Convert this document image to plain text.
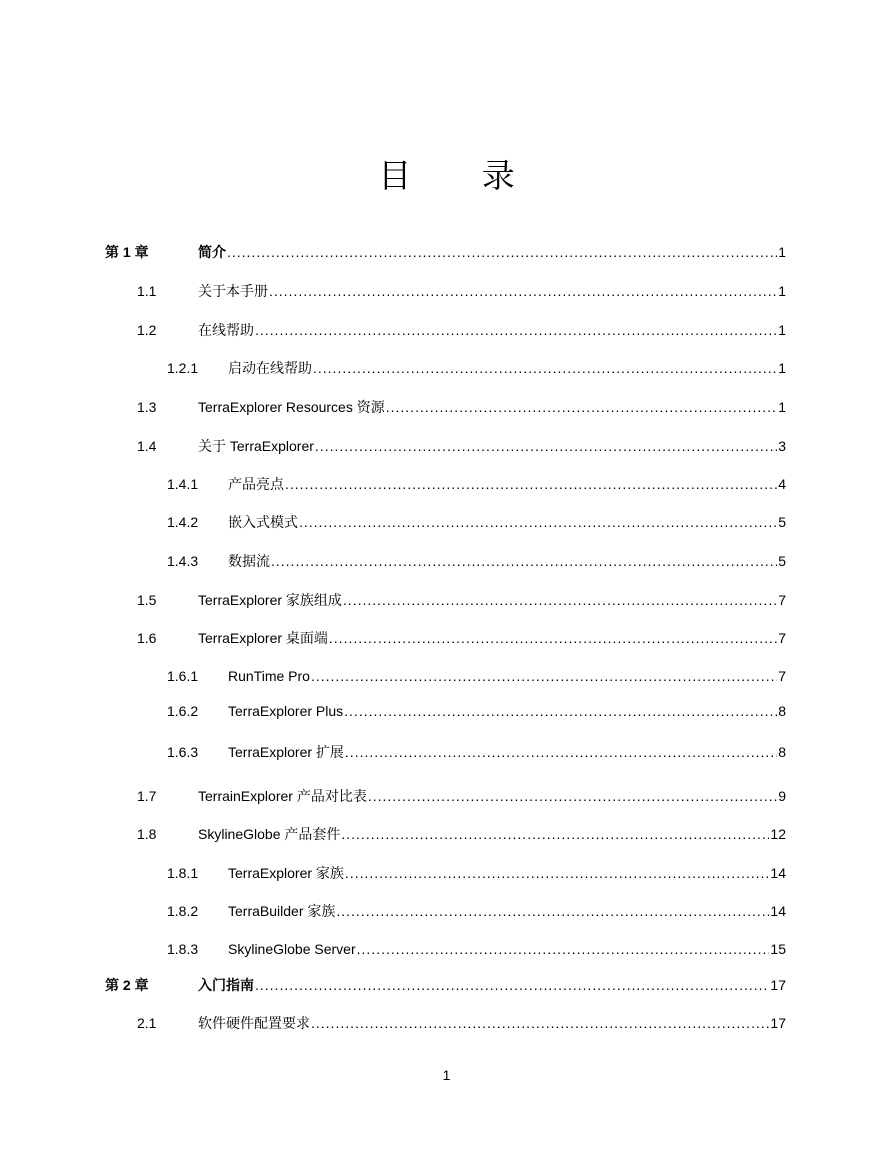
目 录
第 1 章	简介 .....	1
1.1	关于本手册 .....	1
1.2	在线帮助 .....	1
1.2.1 启动在线帮助 .....	1
1.3	TerraExplorer Resources 资源 .....	1
1.4	关于 TerraExplorer .....	3
1.4.1 产品亮点 .....	4
1.4.2 嵌入式模式 .....	5
1.4.3 数据流 .....	5
1.5	TerraExplorer 家族组成 .....	7
1.6	TerraExplorer 桌面端 .....	7
1.6.1 RunTime Pro .....	7
1.6.2 TerraExplorer Plus .....	8
1.6.3 TerraExplorer 扩展 .....	8
1.7	TerrainExplorer 产品对比表 .....	9
1.8	SkylineGlobe 产品套件 .....	12
1.8.1 TerraExplorer 家族 .....	14
1.8.2 TerraBuilder 家族 .....	14
1.8.3 SkylineGlobe Server .....	15
第 2 章	入门指南 .....	17
2.1	软件硬件配置要求 .....	17
1
